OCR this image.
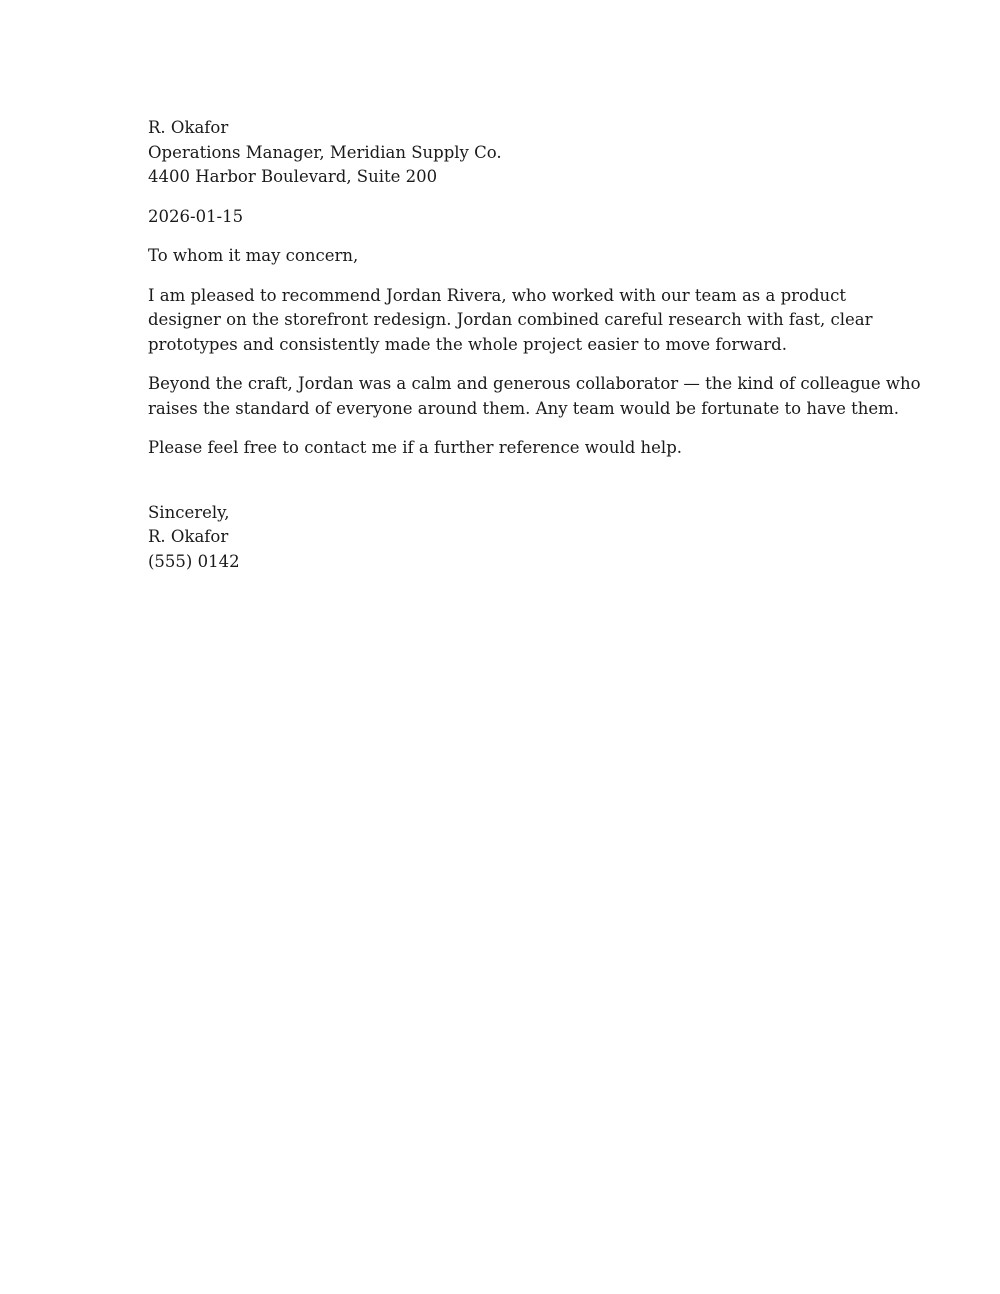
R. Okafor
Operations Manager, Meridian Supply Co.
4400 Harbor Boulevard, Suite 200
2026-01-15
To whom it may concern,
I am pleased to recommend Jordan Rivera, who worked with our team as a product
designer on the storefront redesign. Jordan combined careful research with fast, clear
prototypes and consistently made the whole project easier to move forward.
Beyond the craft, Jordan was a calm and generous collaborator — the kind of colleague who
raises the standard of everyone around them. Any team would be fortunate to have them.
Please feel free to contact me if a further reference would help.
Sincerely,
R. Okafor
(555) 0142
